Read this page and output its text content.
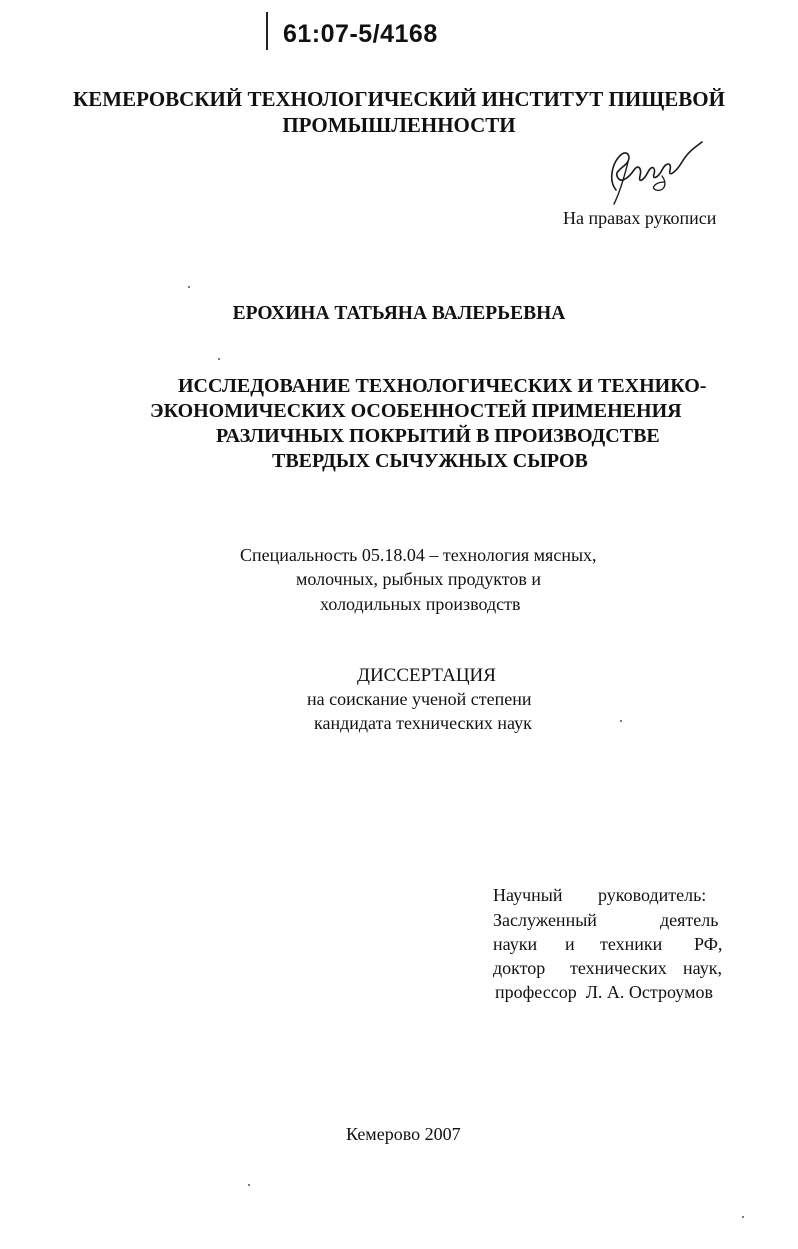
61:07-5/4168
КЕМЕРОВСКИЙ ТЕХНОЛОГИЧЕСКИЙ ИНСТИТУТ ПИЩЕВОЙ
ПРОМЫШЛЕННОСТИ
На правах рукописи
ЕРОХИНА ТАТЬЯНА ВАЛЕРЬЕВНА
ИССЛЕДОВАНИЕ ТЕХНОЛОГИЧЕСКИХ И ТЕХНИКО-
ЭКОНОМИЧЕСКИХ ОСОБЕННОСТЕЙ ПРИМЕНЕНИЯ
РАЗЛИЧНЫХ ПОКРЫТИЙ В ПРОИЗВОДСТВЕ
ТВЕРДЫХ СЫЧУЖНЫХ СЫРОВ
Специальность 05.18.04 – технология мясных,
молочных, рыбных продуктов и
холодильных производств
ДИССЕРТАЦИЯ
на соискание ученой степени
кандидата технических наук
Научный руководитель:
Заслуженный	деятель
науки и техники РФ,
доктор технических наук,
профессор  Л. А. Остроумов
Кемерово 2007
